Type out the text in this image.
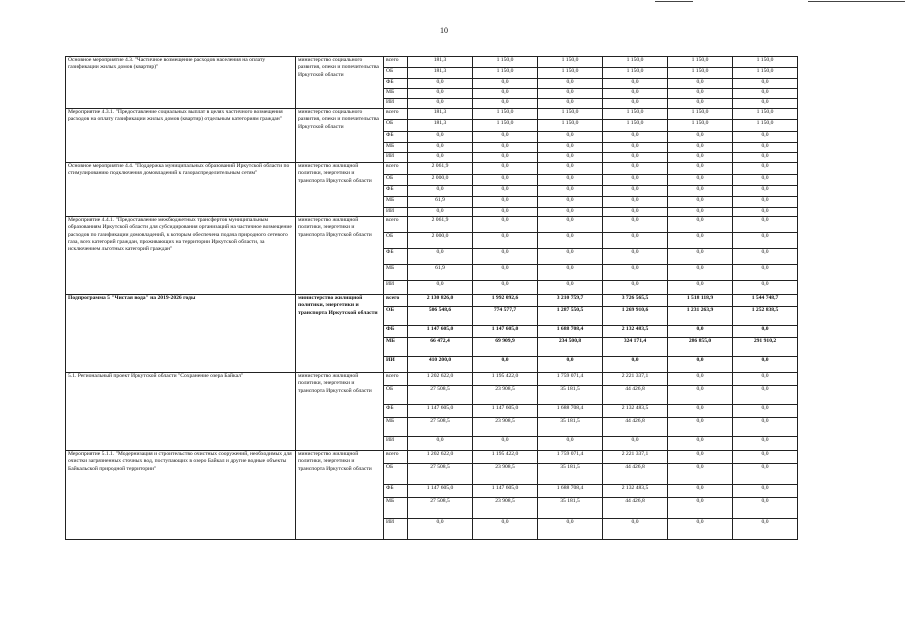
10
Основное мероприятие 4.3. "Частичное возмещение расходов населения на оплату газификации жилых домов (квартир)"	министерство социального развития, опеки и попечительства Иркутской области	всего	181,3	1 150,0	1 150,0	1 150,0	1 150,0	1 150,0
		ОБ	181,3	1 150,0	1 150,0	1 150,0	1 150,0	1 150,0
		ФБ	0,0	0,0	0,0	0,0	0,0	0,0
		МБ	0,0	0,0	0,0	0,0	0,0	0,0
		ИИ	0,0	0,0	0,0	0,0	0,0	0,0
Мероприятие 4.3.1. "Предоставление социальных выплат в целях частичного возмещения расходов на оплату газификации жилых домов (квартир) отдельным категориям граждан"	министерство социального развития, опеки и попечительства Иркутской области	всего	181,3	1 150,0	1 150,0	1 150,0	1 150,0	1 150,0
		ОБ	181,3	1 150,0	1 150,0	1 150,0	1 150,0	1 150,0
		ФБ	0,0	0,0	0,0	0,0	0,0	0,0
		МБ	0,0	0,0	0,0	0,0	0,0	0,0
		ИИ	0,0	0,0	0,0	0,0	0,0	0,0
Основное мероприятие 4.4. "Поддержка муниципальных образований Иркутской области по стимулированию подключения домовладений к газораспределительным сетям"	министерство жилищной политики, энергетики и транспорта Иркутской области	всего	2 061,9	0,0	0,0	0,0	0,0	0,0
		ОБ	2 000,0	0,0	0,0	0,0	0,0	0,0
		ФБ	0,0	0,0	0,0	0,0	0,0	0,0
		МБ	61,9	0,0	0,0	0,0	0,0	0,0
		ИИ	0,0	0,0	0,0	0,0	0,0	0,0
Мероприятие 4.4.1. "Предоставление межбюджетных трансфертов муниципальным образованиям Иркутской области для субсидирования организаций на частичное возмещение расходов по газификации домовладений, к которым обеспечена подача природного сетевого газа, всех категорий граждан, проживающих на территории Иркутской области, за исключением льготных категорий граждан"	министерство жилищной политики, энергетики и транспорта Иркутской области	всего	2 061,9	0,0	0,0	0,0	0,0	0,0
		ОБ	2 000,0	0,0	0,0	0,0	0,0	0,0
		ФБ	0,0	0,0	0,0	0,0	0,0	0,0
		МБ	61,9	0,0	0,0	0,0	0,0	0,0
		ИИ	0,0	0,0	0,0	0,0	0,0	0,0
Подпрограмма 5 "Чистая вода" на 2019-2026 годы	министерство жилищной политики, энергетики и транспорта Иркутской области	всего	2 130 826,0	1 992 092,6	3 210 759,7	3 726 565,5	1 518 118,9	1 544 748,7
		ОБ	506 548,6	774 577,7	1 287 550,5	1 269 910,6	1 231 263,9	1 252 838,5
		ФБ	1 147 605,0	1 147 605,0	1 688 708,4	2 132 483,5	0,0	0,0
		МБ	66 472,4	69 909,9	234 500,8	324 171,4	286 855,0	291 910,2
		ИИ	410 200,0	0,0	0,0	0,0	0,0	0,0
5.1. Региональный проект Иркутской области "Сохранение озера Байкал"	министерство жилищной политики, энергетики и транспорта Иркутской области	всего	1 202 622,0	1 195 422,0	1 759 071,4	2 221 337,1	0,0	0,0
		ОБ	27 508,5	23 908,5	35 181,5	44 426,8	0,0	0,0
		ФБ	1 147 605,0	1 147 605,0	1 688 708,4	2 132 483,5	0,0	0,0
		МБ	27 508,5	23 908,5	35 181,5	44 426,8	0,0	0,0
		ИИ	0,0	0,0	0,0	0,0	0,0	0,0
Мероприятие 5.1.1. "Модернизация и строительство очистных сооружений, необходимых для очистки загрязненных сточных вод, поступающих в озеро Байкал и другие водные объекты Байкальской природной территории"	министерство жилищной политики, энергетики и транспорта Иркутской области	всего	1 202 622,0	1 195 422,0	1 759 071,4	2 221 337,1	0,0	0,0
		ОБ	27 508,5	23 908,5	35 181,5	44 426,8	0,0	0,0
		ФБ	1 147 605,0	1 147 605,0	1 688 708,4	2 132 483,5	0,0	0,0
		МБ	27 508,5	23 908,5	35 181,5	44 426,8	0,0	0,0
		ИИ	0,0	0,0	0,0	0,0	0,0	0,0
